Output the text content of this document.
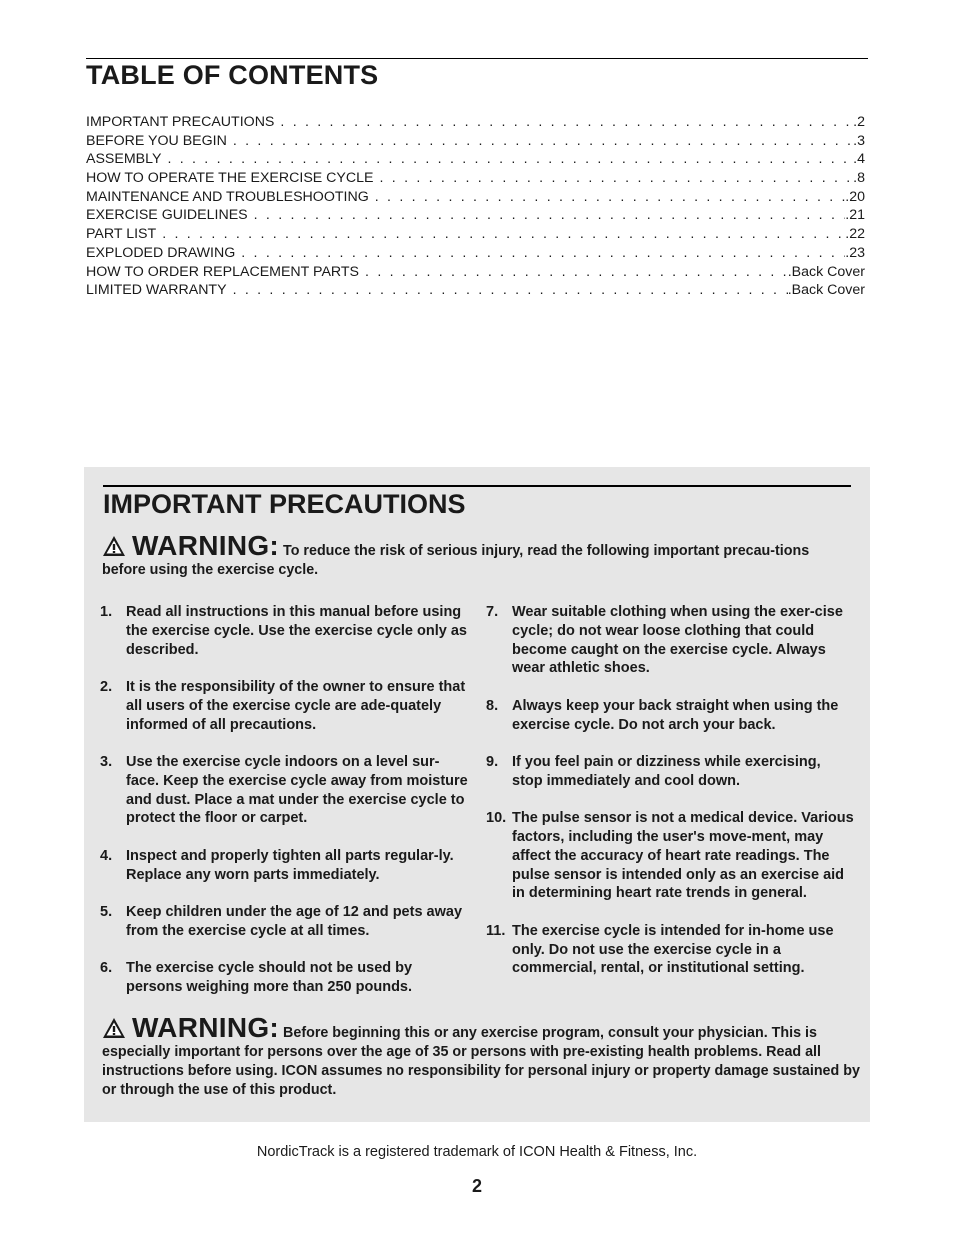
TABLE OF CONTENTS
IMPORTANT PRECAUTIONS . . .	.2
BEFORE YOU BEGIN . . .	.3
ASSEMBLY . . .	.4
HOW TO OPERATE THE EXERCISE CYCLE . . .	.8
MAINTENANCE AND TROUBLESHOOTING . . .	.20
EXERCISE GUIDELINES . . .	.21
PART LIST . . .	.22
EXPLODED DRAWING . . .	.23
HOW TO ORDER REPLACEMENT PARTS . . .	.Back Cover
LIMITED WARRANTY . . .	.Back Cover
IMPORTANT PRECAUTIONS
WARNING: To reduce the risk of serious injury, read the following important precau-tions before using the exercise cycle.
1. Read all instructions in this manual before using the exercise cycle. Use the exercise cycle only as described.
2. It is the responsibility of the owner to ensure that all users of the exercise cycle are ade-quately informed of all precautions.
3. Use the exercise cycle indoors on a level sur-face. Keep the exercise cycle away from moisture and dust. Place a mat under the exercise cycle to protect the floor or carpet.
4. Inspect and properly tighten all parts regular-ly. Replace any worn parts immediately.
5. Keep children under the age of 12 and pets away from the exercise cycle at all times.
6. The exercise cycle should not be used by persons weighing more than 250 pounds.
7. Wear suitable clothing when using the exer-cise cycle; do not wear loose clothing that could become caught on the exercise cycle. Always wear athletic shoes.
8. Always keep your back straight when using the exercise cycle. Do not arch your back.
9. If you feel pain or dizziness while exercising, stop immediately and cool down.
10. The pulse sensor is not a medical device. Various factors, including the user's move-ment, may affect the accuracy of heart rate readings. The pulse sensor is intended only as an exercise aid in determining heart rate trends in general.
11. The exercise cycle is intended for in-home use only. Do not use the exercise cycle in a commercial, rental, or institutional setting.
WARNING: Before beginning this or any exercise program, consult your physician. This is especially important for persons over the age of 35 or persons with pre-existing health problems. Read all instructions before using. ICON assumes no responsibility for personal injury or property damage sustained by or through the use of this product.
NordicTrack is a registered trademark of ICON Health & Fitness, Inc.
2
